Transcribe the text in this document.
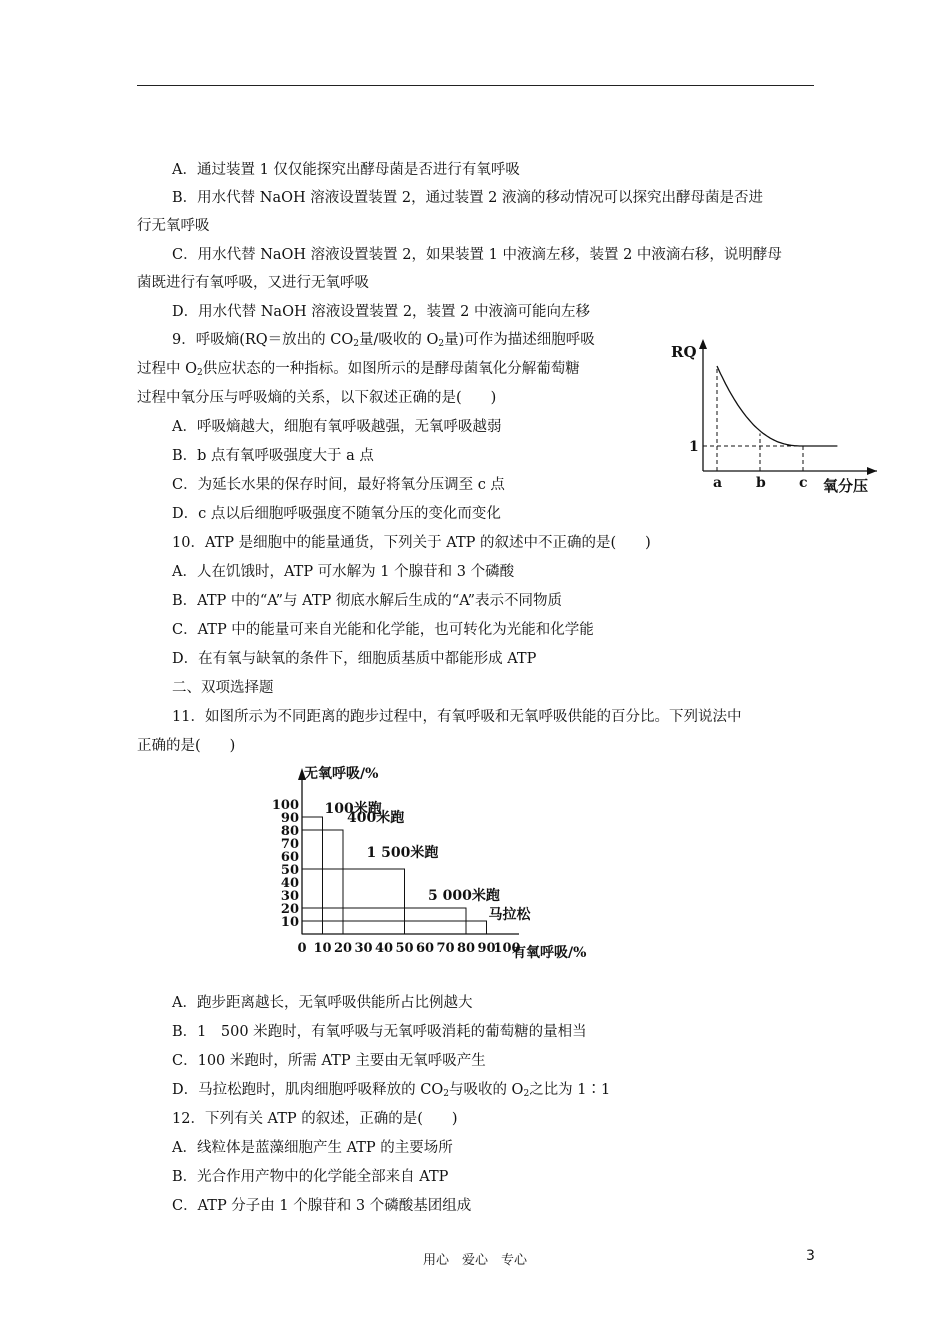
A．通过装置 1 仅仅能探究出酵母菌是否进行有氧呼吸
B．用水代替 NaOH 溶液设置装置 2，通过装置 2 液滴的移动情况可以探究出酵母菌是否进
行无氧呼吸
C．用水代替 NaOH 溶液设置装置 2，如果装置 1 中液滴左移，装置 2 中液滴右移，说明酵母
菌既进行有氧呼吸，又进行无氧呼吸
D．用水代替 NaOH 溶液设置装置 2，装置 2 中液滴可能向左移
9．呼吸熵(RQ＝放出的 $CO_2$量/吸收的 $O_2$量)可作为描述细胞呼吸
过程中 $O_2$供应状态的一种指标。如图所示的是酵母菌氧化分解葡萄糖
过程中氧分压与呼吸熵的关系，以下叙述正确的是(　　)
A．呼吸熵越大，细胞有氧呼吸越强，无氧呼吸越弱
B．b 点有氧呼吸强度大于 a 点
C．为延长水果的保存时间，最好将氧分压调至 c 点
D．c 点以后细胞呼吸强度不随氧分压的变化而变化
RQ
氧分压
1
a b c
10．ATP 是细胞中的能量通货，下列关于 ATP 的叙述中不正确的是(　　)
A．人在饥饿时，ATP 可水解为 1 个腺苷和 3 个磷酸
B．ATP 中的“A”与 ATP 彻底水解后生成的“A”表示不同物质
C．ATP 中的能量可来自光能和化学能，也可转化为光能和化学能
D．在有氧与缺氧的条件下，细胞质基质中都能形成 ATP
二、双项选择题
11．如图所示为不同距离的跑步过程中，有氧呼吸和无氧呼吸供能的百分比。下列说法中
正确的是(　　)
无氧呼吸/%
有氧呼吸/%
10
20
30
40
50
60
70
80
90
100
0 10 20 30 40 50 60 70 80 90
100
100米跑
400米跑
1 500米跑
5 000米跑
马拉松
A．跑步距离越长，无氧呼吸供能所占比例越大
B．1　500 米跑时，有氧呼吸与无氧呼吸消耗的葡萄糖的量相当
C．100 米跑时，所需 ATP 主要由无氧呼吸产生
D．马拉松跑时，肌肉细胞呼吸释放的 $CO_2$与吸收的 $O_2$之比为 1∶1
12．下列有关 ATP 的叙述，正确的是(　　)
A．线粒体是蓝藻细胞产生 ATP 的主要场所
B．光合作用产物中的化学能全部来自 ATP
C．ATP 分子由 1 个腺苷和 3 个磷酸基团组成
用心　爱心　专心	3
